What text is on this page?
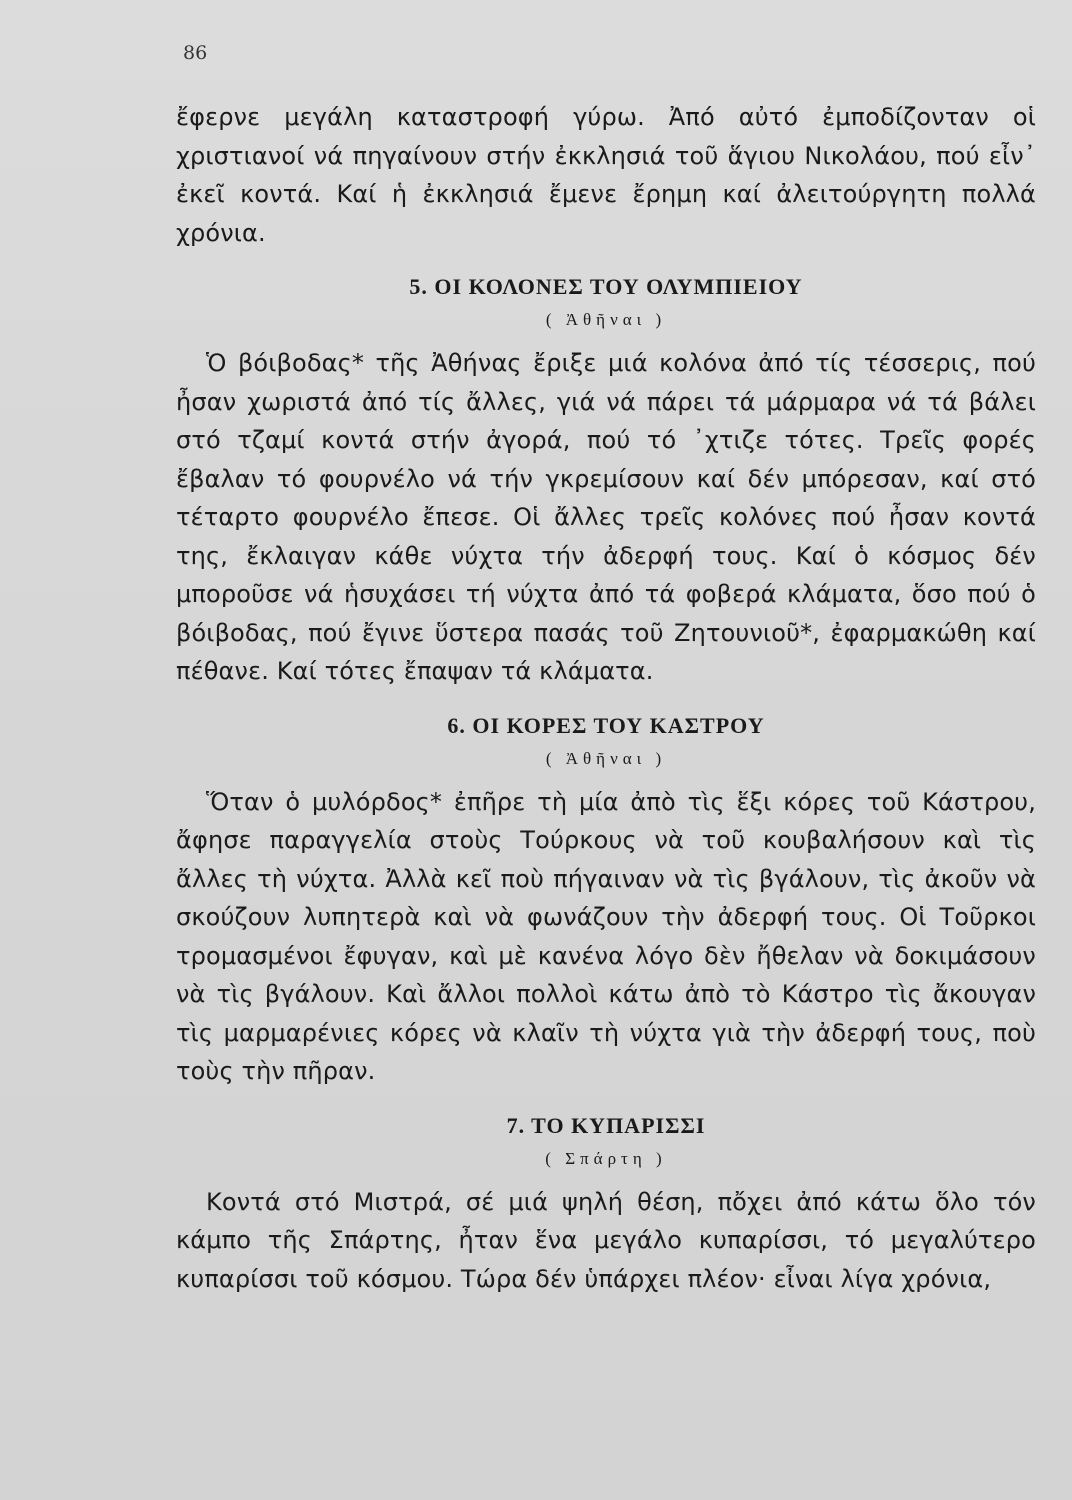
86

ἔφερνε μεγάλη καταστροφή γύρω. Ἀπό αὐτό ἐμποδίζονταν οἱ χριστιανοί νά πηγαίνουν στήν ἐκκλησιά τοῦ ἅγιου Νικολάου, πού εἶν᾽ ἐκεῖ κοντά. Καί ἡ ἐκκλησιά ἔμενε ἔρημη καί ἀλειτούργητη πολλά χρόνια.

5. ΟΙ ΚΟΛΟΝΕΣ ΤΟΥ ΟΛΥΜΠΙΕΙΟΥ
( Ἀθῆναι )

Ὁ βόιβοδας* τῆς Ἀθήνας ἔριξε μιά κολόνα ἀπό τίς τέσσερις, πού ἦσαν χωριστά ἀπό τίς ἄλλες, γιά νά πάρει τά μάρμαρα νά τά βάλει στό τζαμί κοντά στήν ἀγορά, πού τό ᾽χτιζε τότες. Τρεῖς φορές ἔβαλαν τό φουρνέλο νά τήν γκρεμίσουν καί δέν μπόρεσαν, καί στό τέταρτο φουρνέλο ἔπεσε. Οἱ ἄλλες τρεῖς κολόνες πού ἦσαν κοντά της, ἔκλαιγαν κάθε νύχτα τήν ἀδερφή τους. Καί ὁ κόσμος δέν μποροῦσε νά ἡσυχάσει τή νύχτα ἀπό τά φοβερά κλάματα, ὅσο πού ὁ βόιβοδας, πού ἔγινε ὕστερα πασάς τοῦ Ζητουνιοῦ*, ἐφαρμακώθη καί πέθανε. Καί τότες ἔπαψαν τά κλάματα.

6. ΟΙ ΚΟΡΕΣ ΤΟΥ ΚΑΣΤΡΟΥ
( Ἀθῆναι )

Ὅταν ὁ μυλόρδος* ἐπῆρε τὴ μία ἀπὸ τὶς ἕξι κόρες τοῦ Κάστρου, ἄφησε παραγγελία στοὺς Τούρκους νὰ τοῦ κουβαλήσουν καὶ τὶς ἄλλες τὴ νύχτα. Ἀλλὰ κεῖ ποὺ πήγαιναν νὰ τὶς βγάλουν, τὶς ἀκοῦν νὰ σκούζουν λυπητερὰ καὶ νὰ φωνάζουν τὴν ἀδερφή τους. Οἱ Τοῦρκοι τρομασμένοι ἔφυγαν, καὶ μὲ κανένα λόγο δὲν ἤθελαν νὰ δοκιμάσουν νὰ τὶς βγάλουν. Καὶ ἄλλοι πολλοὶ κάτω ἀπὸ τὸ Κάστρο τὶς ἄκουγαν τὶς μαρμαρένιες κόρες νὰ κλαῖν τὴ νύχτα γιὰ τὴν ἀδερφή τους, ποὺ τοὺς τὴν πῆραν.

7. ΤΟ ΚΥΠΑΡΙΣΣΙ
( Σπάρτη )

Κοντά στό Μιστρά, σέ μιά ψηλή θέση, πὄχει ἀπό κάτω ὅλο τόν κάμπο τῆς Σπάρτης, ἦταν ἕνα μεγάλο κυπαρίσσι, τό μεγαλύτερο κυπαρίσσι τοῦ κόσμου. Τώρα δέν ὑπάρχει πλέον· εἶναι λίγα χρόνια,
